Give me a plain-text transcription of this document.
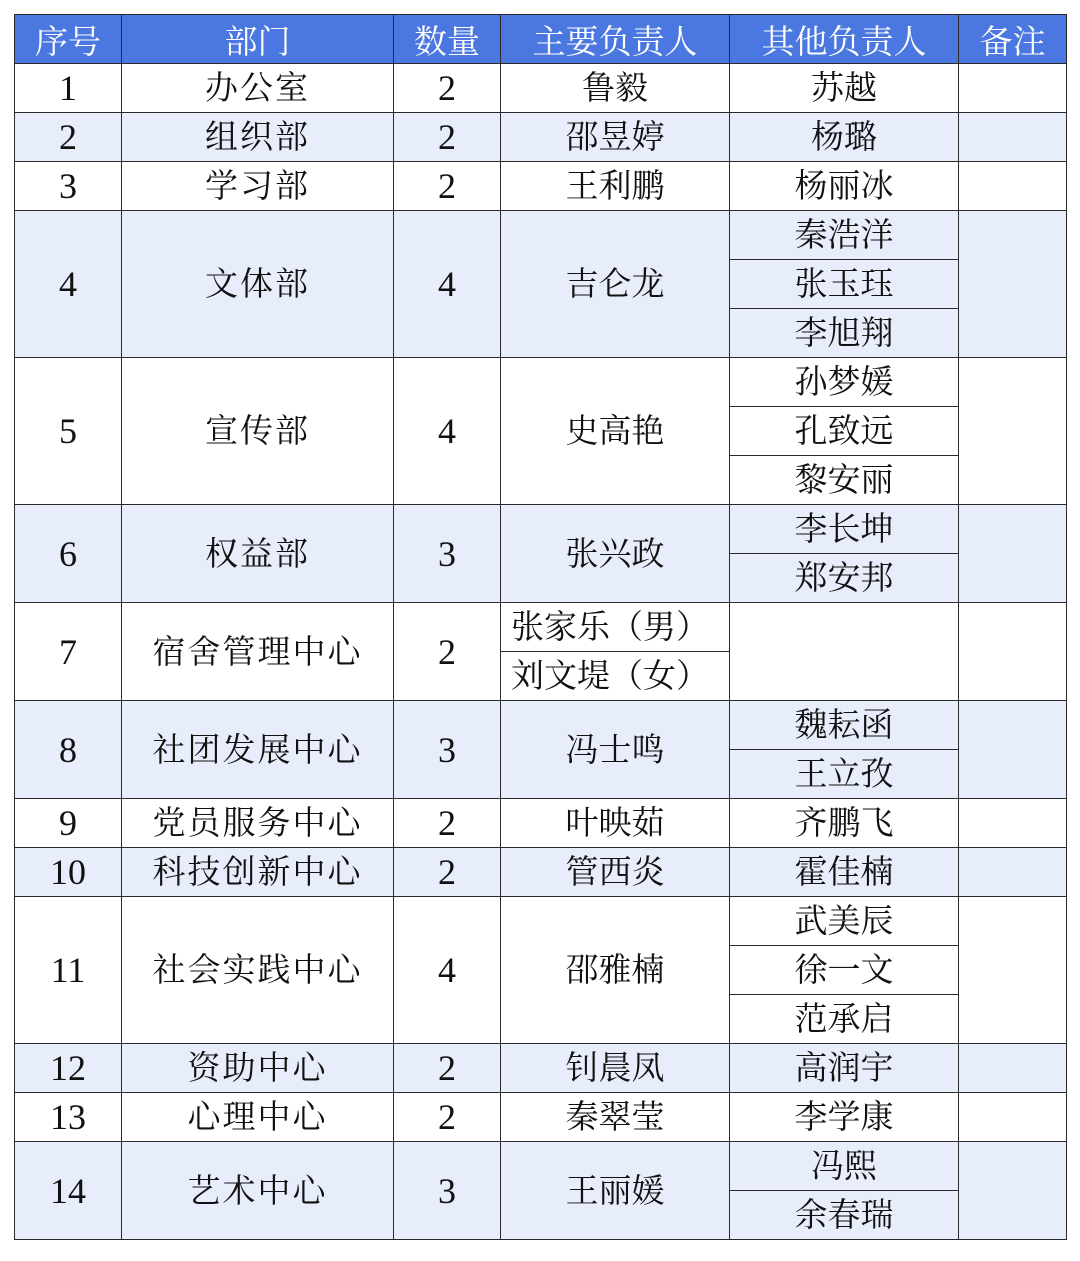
序号	部门	数量	主要负责人	其他负责人	备注
1	办公室	2	鲁毅	苏越	
2	组织部	2	邵昱婷	杨璐	
3	学习部	2	王利鹏	杨丽冰	
4	文体部	4	吉仑龙	秦浩洋	
				张玉珏	
				李旭翔	
5	宣传部	4	史高艳	孙梦媛	
				孔致远	
				黎安丽	
6	权益部	3	张兴政	李长坤	
				郑安邦	
7	宿舍管理中心	2	张家乐（男）		
			刘文堤（女）		
8	社团发展中心	3	冯士鸣	魏耘函	
				王立孜	
9	党员服务中心	2	叶映茹	齐鹏飞	
10	科技创新中心	2	管西炎	霍佳楠	
11	社会实践中心	4	邵雅楠	武美辰	
				徐一文	
				范承启	
12	资助中心	2	钊晨凤	高润宇	
13	心理中心	2	秦翠莹	李学康	
14	艺术中心	3	王丽媛	冯熙	
				余春瑞	
